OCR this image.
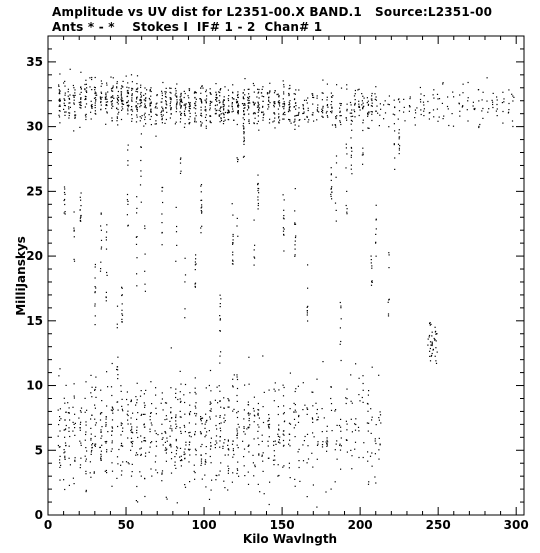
Amplitude vs UV dist for L2351-00.X BAND.1   Source:L2351-00
Ants * - *    Stokes I  IF# 1 - 2  Chan# 1
0	50	100	150	200	250	300
0
5
10
15
20
25
30
35
Kilo Wavlngth
MilliJanskys
